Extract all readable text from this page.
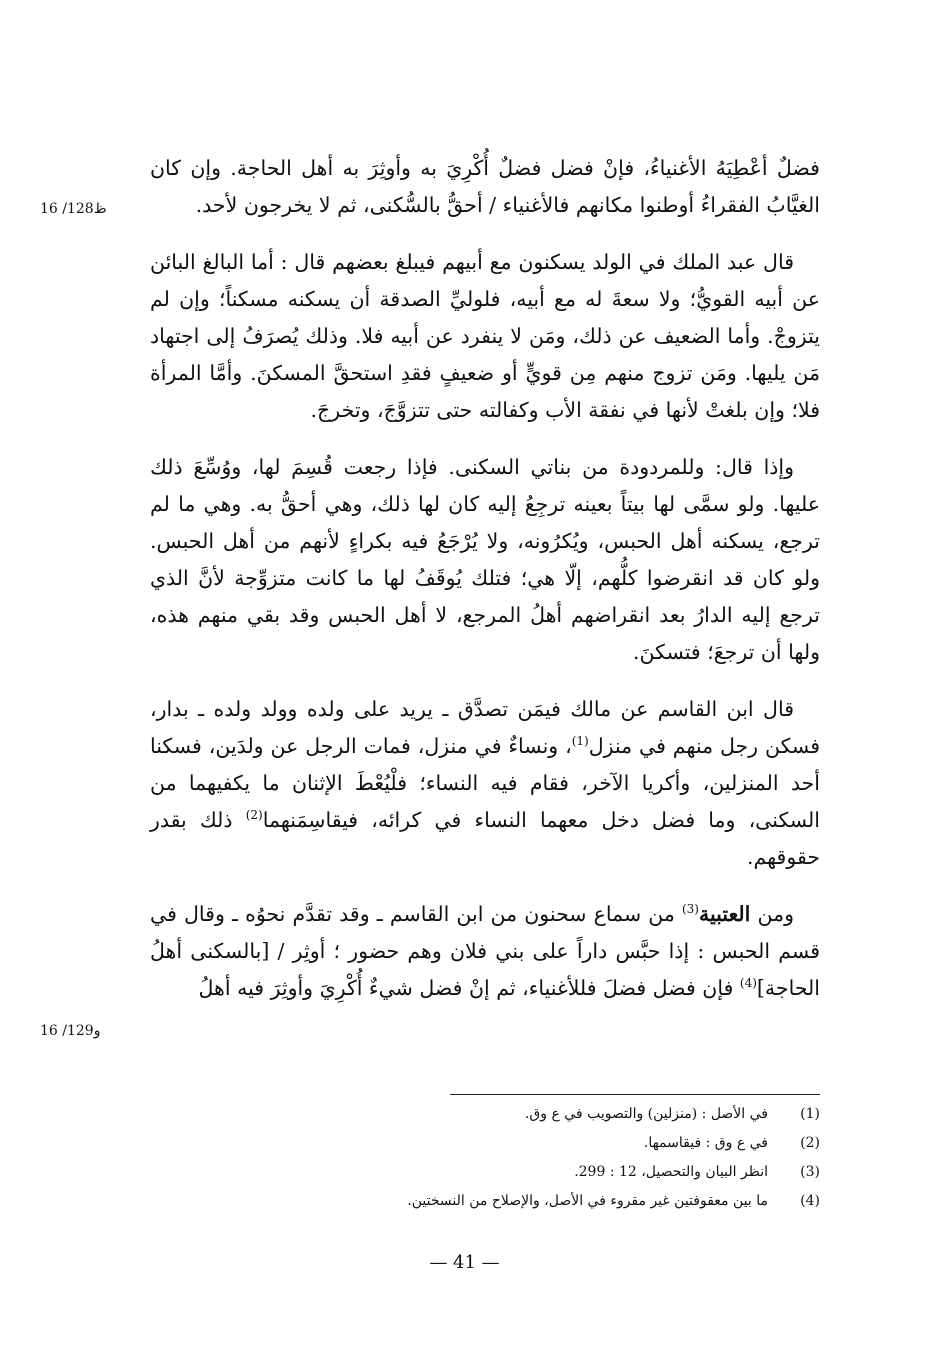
فضلٌ أعْطِيَهُ الأغنياءُ، فإنْ فضل فضلٌ أُكْرِيَ به وأوثِرَ به أهل الحاجة. وإن كان الغيَّابُ الفقراءُ أوطنوا مكانهم فالأغنياء / أحقُّ بالسُّكنى، ثم لا يخرجون لأحد.

قال عبد الملك في الولد يسكنون مع أبيهم فيبلغ بعضهم قال : أما البالغ البائن عن أبيه القويُّ؛ ولا سعةَ له مع أبيه، فلوليِّ الصدقة أن يسكنه مسكناً؛ وإن لم يتزوجْ. وأما الضعيف عن ذلك، ومَن لا ينفرد عن أبيه فلا. وذلك يُصرَفُ إلى اجتهاد مَن يليها. ومَن تزوج منهم مِن قويٍّ أو ضعيفٍ فقدِ استحقَّ المسكنَ. وأمَّا المرأة فلا؛ وإن بلغتْ لأنها في نفقة الأب وكفالته حتى تتزوَّجَ، وتخرجَ.

وإذا قال: وللمردودة من بناتي السكنى. فإذا رجعت قُسِمَ لها، ووُسِّعَ ذلك عليها. ولو سمَّى لها بيتاً بعينه ترجِعُ إليه كان لها ذلك، وهي أحقُّ به. وهي ما لم ترجع، يسكنه أهل الحبس، ويُكرُونه، ولا يُرْجَعُ فيه بكراءٍ لأنهم من أهل الحبس. ولو كان قد انقرضوا كلُّهم، إلّا هي؛ فتلك يُوقَفُ لها ما كانت متزوِّجة لأنَّ الذي ترجع إليه الدارُ بعد انقراضهم أهلُ المرجع، لا أهل الحبس وقد بقي منهم هذه، ولها أن ترجعَ؛ فتسكنَ.

قال ابن القاسم عن مالك فيمَن تصدَّق ـ يريد على ولده وولد ولده ـ بدار، فسكن رجل منهم في منزل$^{(1)}$، ونساءٌ في منزل، فمات الرجل عن ولدَين، فسكنا أحد المنزلين، وأكريا الآخر، فقام فيه النساء؛ فلْيُعْطَ الإثنان ما يكفيهما من السكنى، وما فضل دخل معهما النساء في كرائه، فيقاسِمَنهما$^{(2)}$ ذلك بقدر حقوقهم.

ومن العتبية$^{(3)}$ من سماع سحنون من ابن القاسم ـ وقد تقدَّم نحوُه ـ وقال في قسم الحبس : إذا حبَّس داراً على بني فلان وهم حضور ؛ أوثِر / [بالسكنى أهلُ الحاجة]$^{(4)}$ فإن فضل فضلَ فللأغنياء، ثم إنْ فضل شيءٌ أُكْرِيَ وأوثِرَ فيه أهلُ

16 /128ظ
16 /129و
(1)
في الأصل : (منزلين) والتصويب في ع وق.
(2)
في ع وق : فيقاسمها.
(3)
انظر البيان والتحصيل، 12 : 299.
(4)
ما بين معقوفتين غير مقروء في الأصل، والإصلاح من النسختين.
— 41 —
